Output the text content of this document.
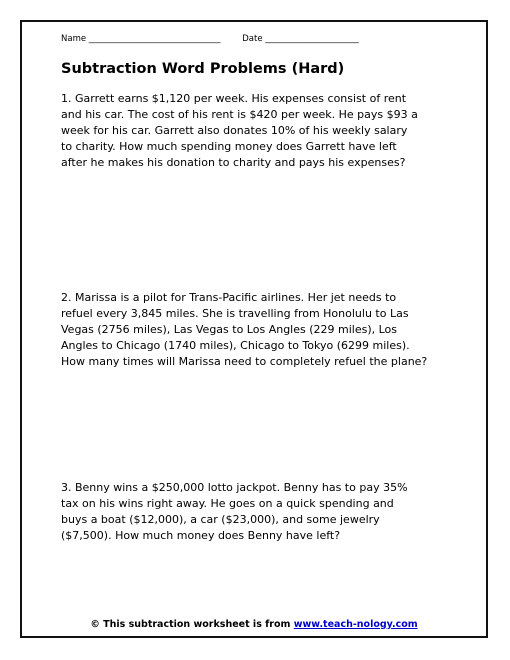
Name _______________________________	Date ______________________
Subtraction Word Problems (Hard)

1. Garrett earns $1,120 per week. His expenses consist of rent
and his car. The cost of his rent is $420 per week. He pays $93 a
week for his car. Garrett also donates 10% of his weekly salary
to charity. How much spending money does Garrett have left
after he makes his donation to charity and pays his expenses?

2. Marissa is a pilot for Trans-Pacific airlines. Her jet needs to
refuel every 3,845 miles. She is travelling from Honolulu to Las
Vegas (2756 miles), Las Vegas to Los Angles (229 miles), Los
Angles to Chicago (1740 miles), Chicago to Tokyo (6299 miles).
How many times will Marissa need to completely refuel the plane?

3. Benny wins a $250,000 lotto jackpot. Benny has to pay 35%
tax on his wins right away. He goes on a quick spending and
buys a boat ($12,000), a car ($23,000), and some jewelry
($7,500). How much money does Benny have left?

© This subtraction worksheet is from www.teach-nology.com
